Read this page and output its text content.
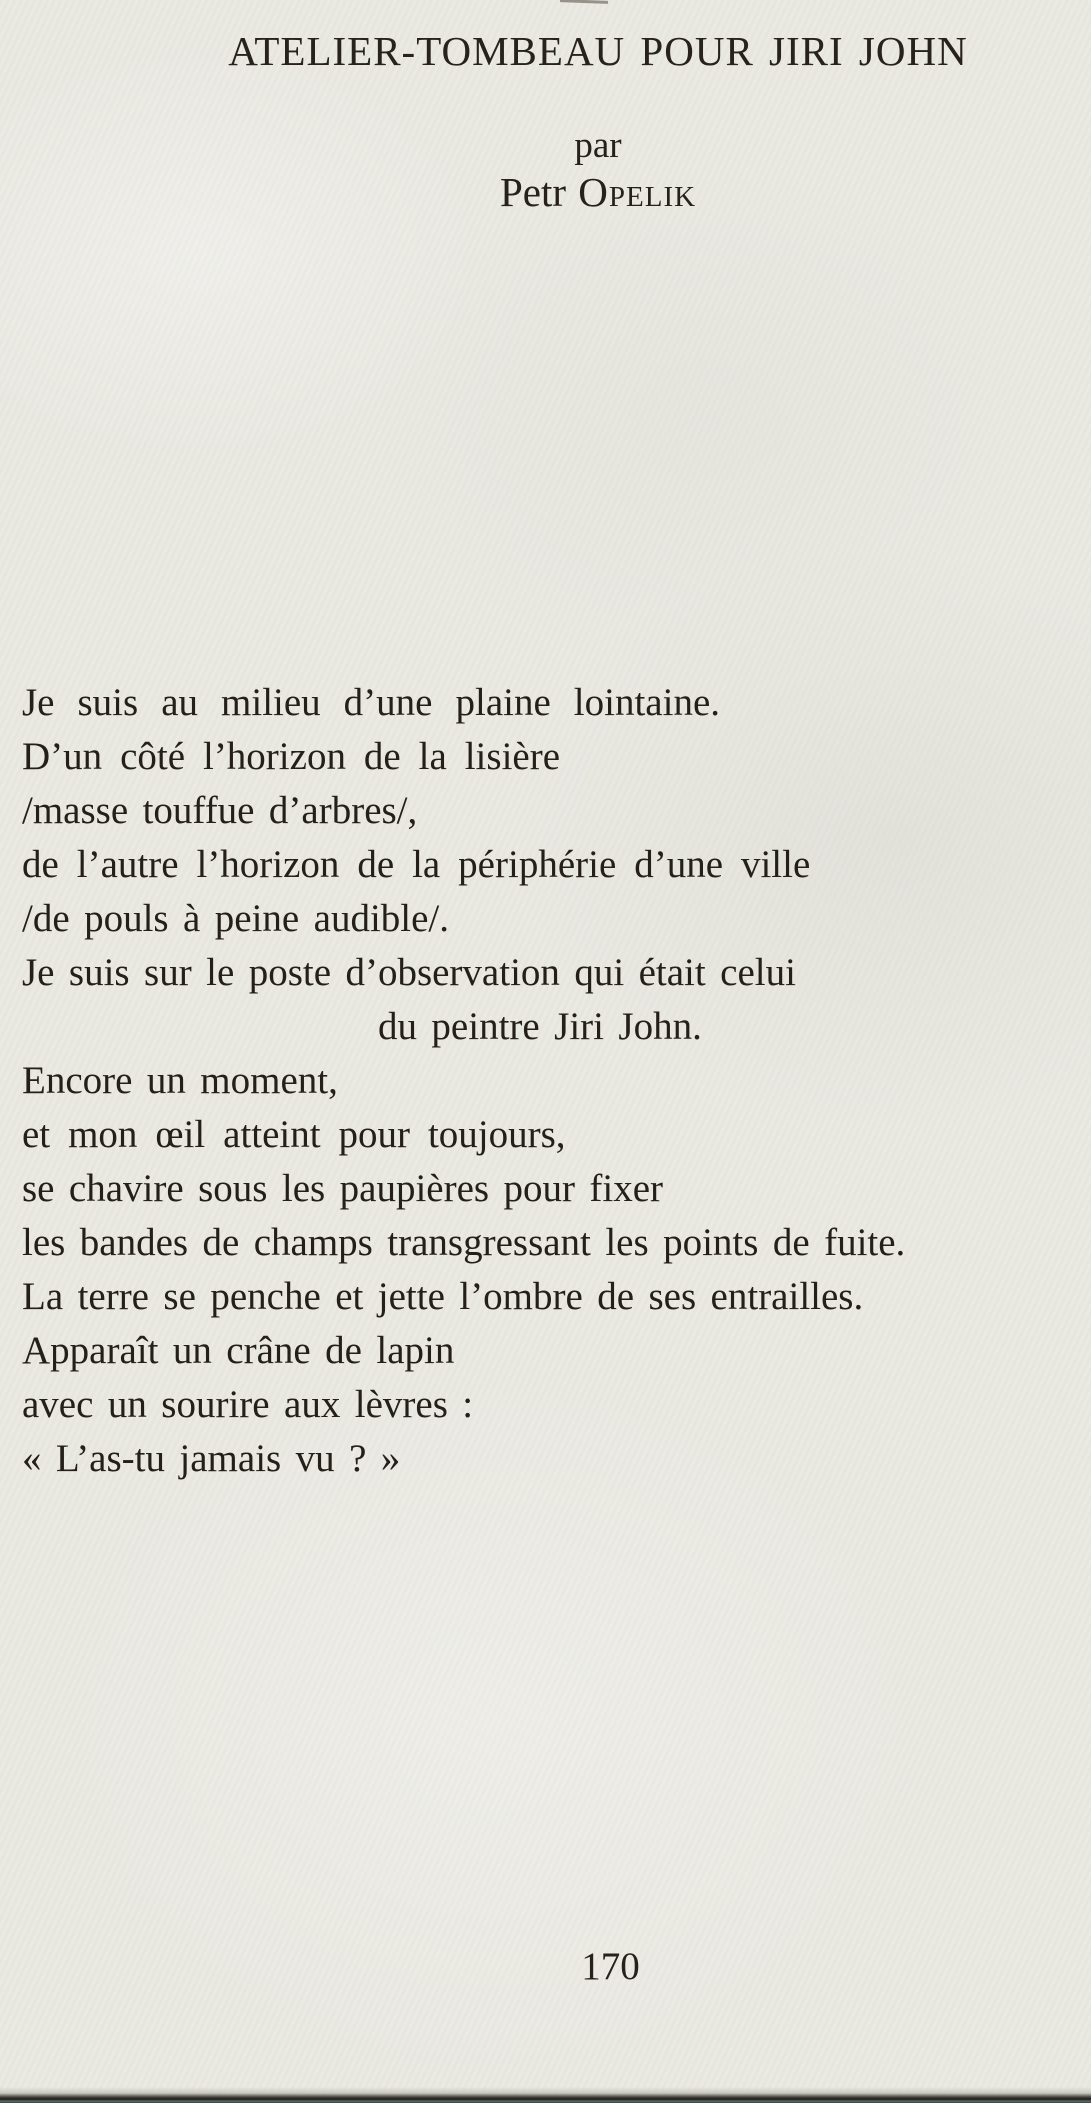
ATELIER-TOMBEAU POUR JIRI JOHN
par
Petr Opelik
Je suis au milieu d’une plaine lointaine.
D’un côté l’horizon de la lisière
/masse touffue d’arbres/,
de l’autre l’horizon de la périphérie d’une ville
/de pouls à peine audible/.
Je suis sur le poste d’observation qui était celui
du peintre Jiri John.
Encore un moment,
et mon œil atteint pour toujours,
se chavire sous les paupières pour fixer
les bandes de champs transgressant les points de fuite.
La terre se penche et jette l’ombre de ses entrailles.
Apparaît un crâne de lapin
avec un sourire aux lèvres :
« L’as-tu jamais vu ? »
170
